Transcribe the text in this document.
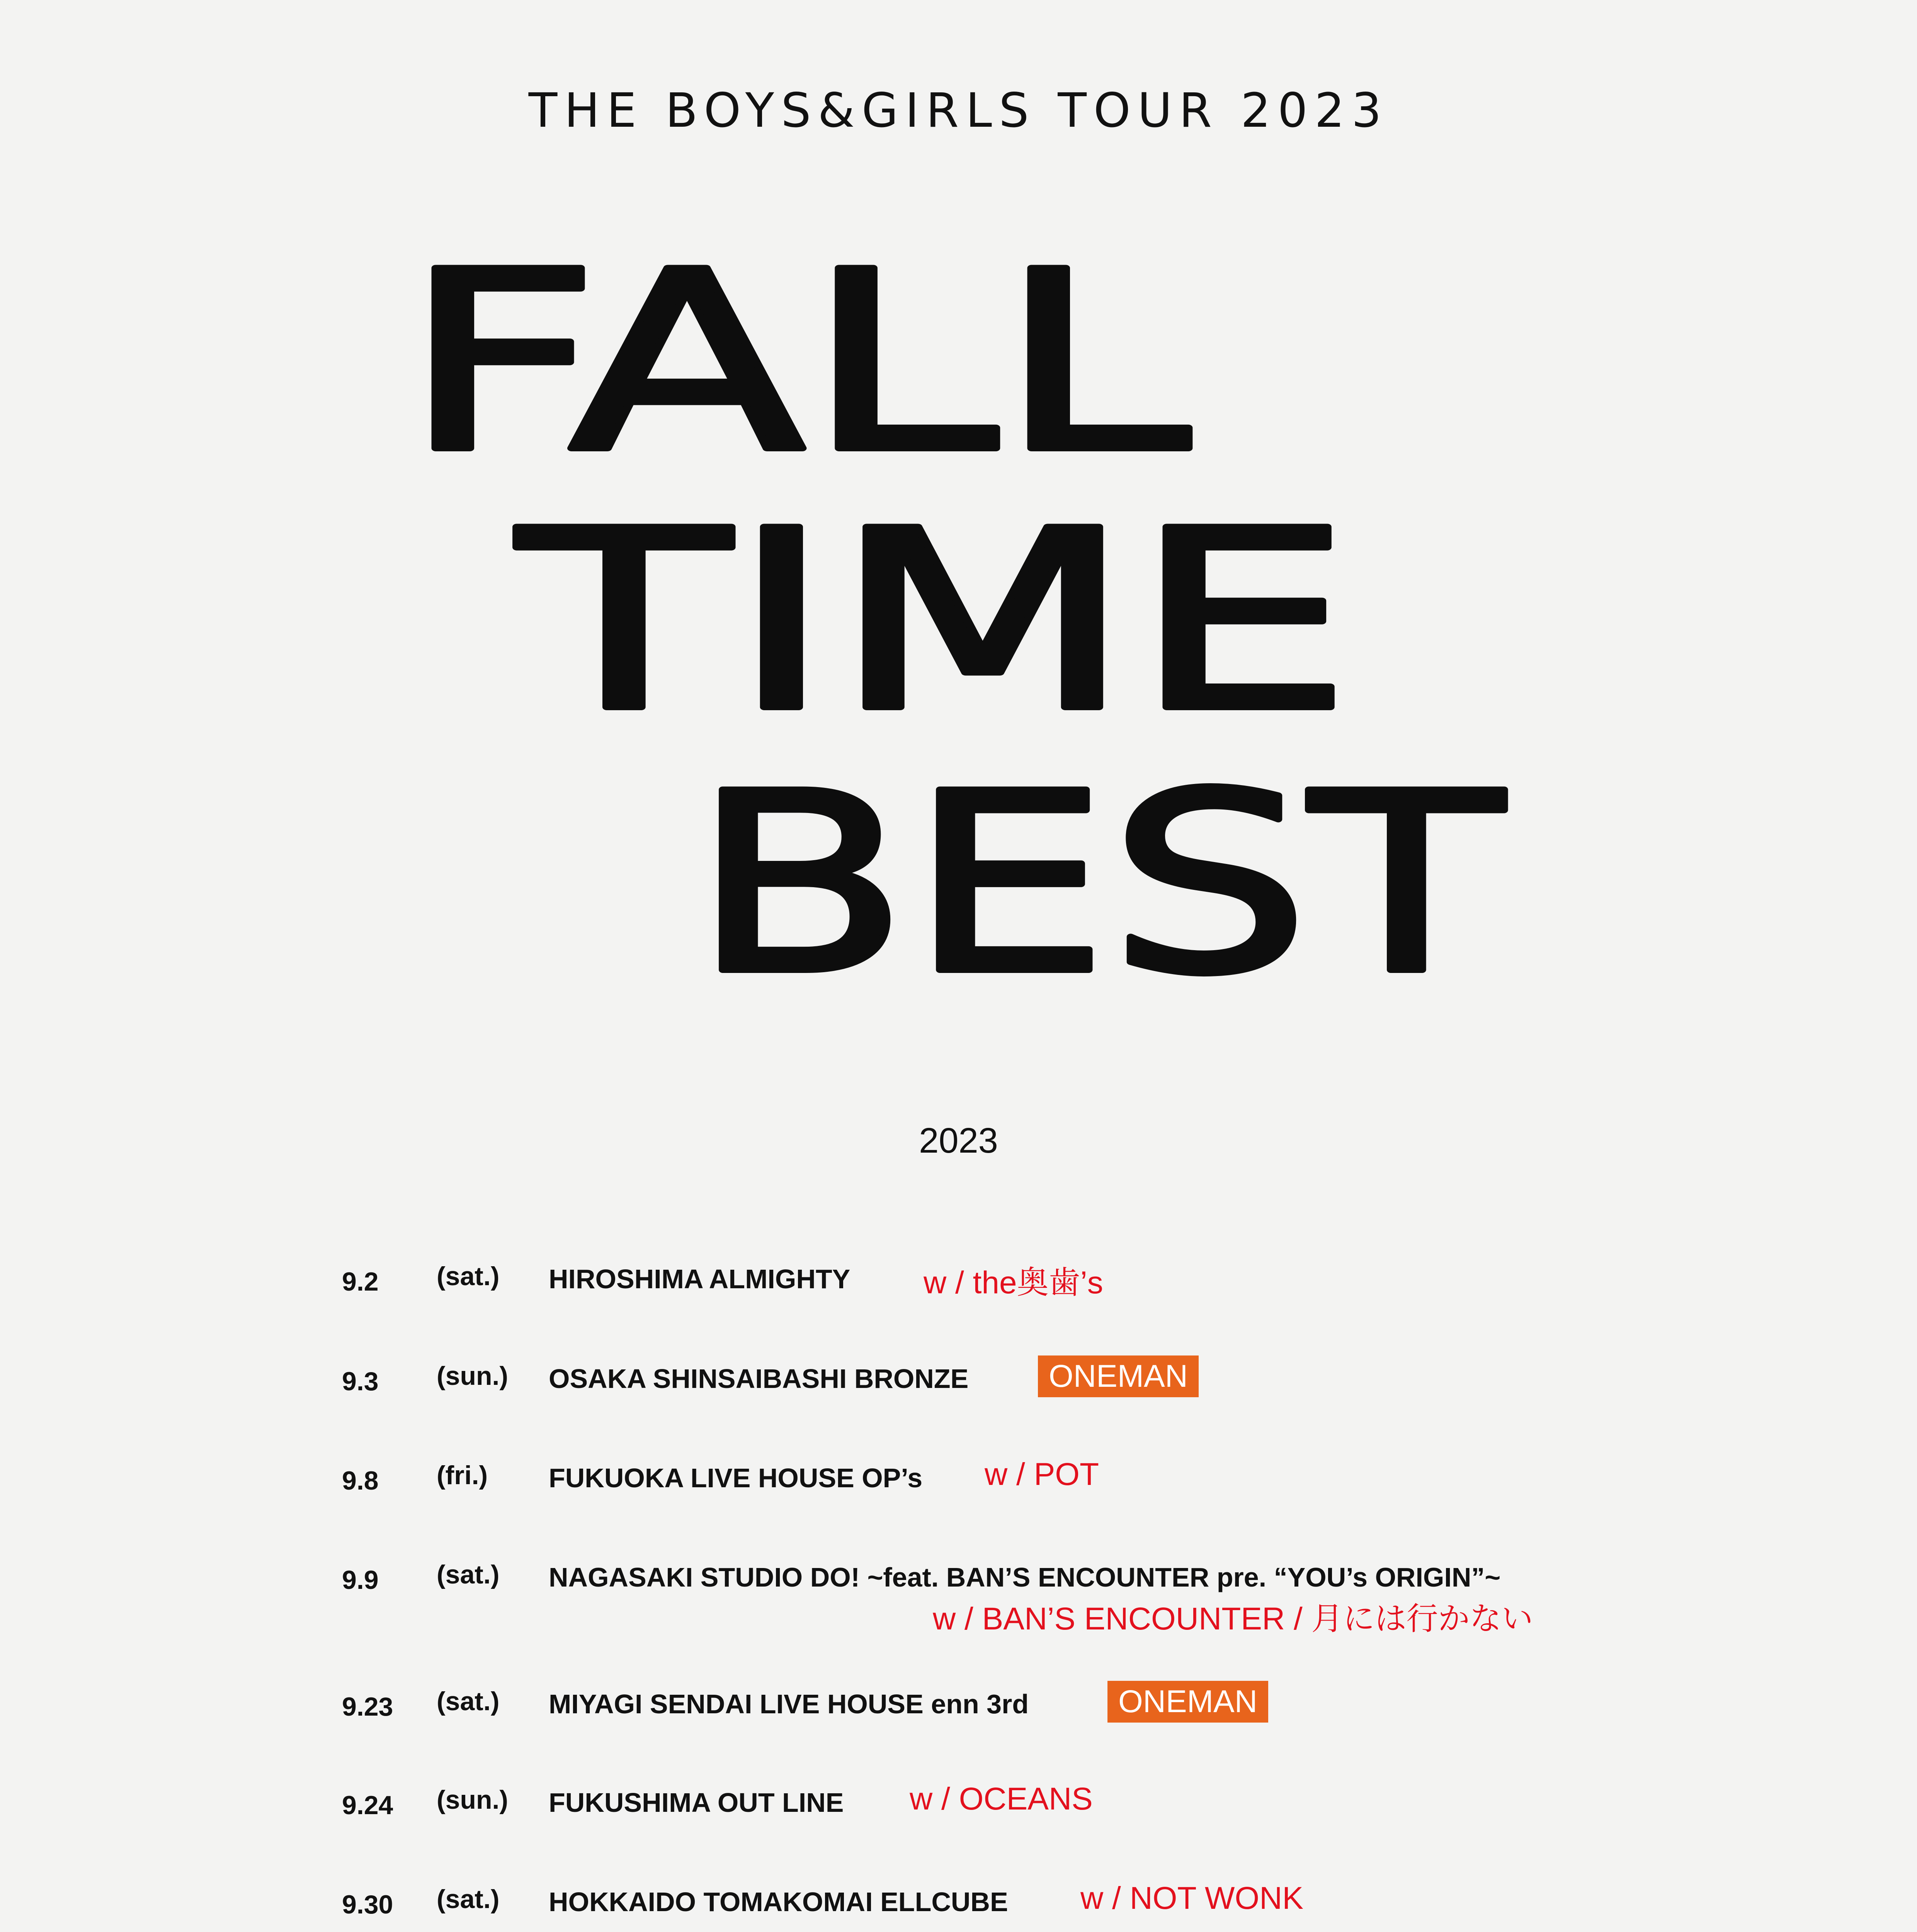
THE BOYS&GIRLS TOUR 2023
FALL
TIME
BEST
2023
9.2 (sat.) HIROSHIMA ALMIGHTY w / the奥歯’s
9.3 (sun.) OSAKA SHINSAIBASHI BRONZE	ONEMAN
9.8 (fri.) FUKUOKA LIVE HOUSE OP’s w / POT
9.9 (sat.) NAGASAKI STUDIO DO! ~feat. BAN’S ENCOUNTER pre. “YOU’s ORIGIN”~
w / BAN’S ENCOUNTER / 月には行かない
9.23 (sat.) MIYAGI SENDAI LIVE HOUSE enn 3rd	ONEMAN
9.24 (sun.) FUKUSHIMA OUT LINE w / OCEANS
9.30 (sat.) HOKKAIDO TOMAKOMAI ELLCUBE w / NOT WONK
